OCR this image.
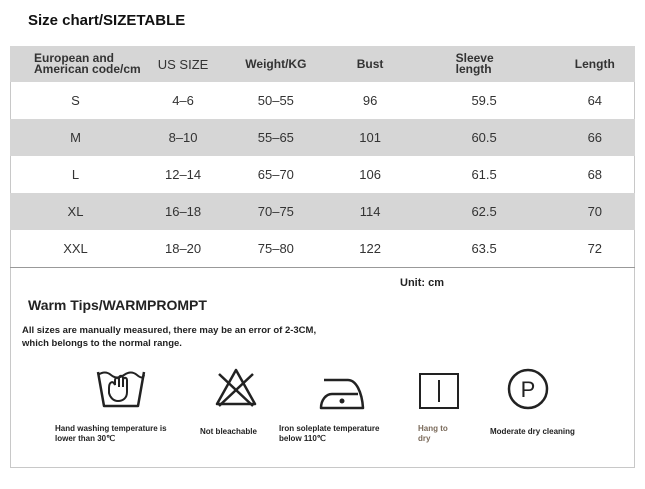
Size chart/SIZETABLE
European and
American code/cm	US SIZE	Weight/KG	Bust	Sleeve
length	Length
S	4–6	50–55	96	59.5	64
M	8–10	55–65	101	60.5	66
L	12–14	65–70	106	61.5	68
XL	16–18	70–75	114	62.5	70
XXL	18–20	75–80	122	63.5	72
Unit: cm
Warm Tips/WARMPROMPT
All sizes are manually measured, there may be an error of 2-3CM,
which belongs to the normal range.
P
Hand washing temperature is
lower than 30℃
Not bleachable	Iron soleplate temperature
below 110℃
Hang to
dry
Moderate dry cleaning
